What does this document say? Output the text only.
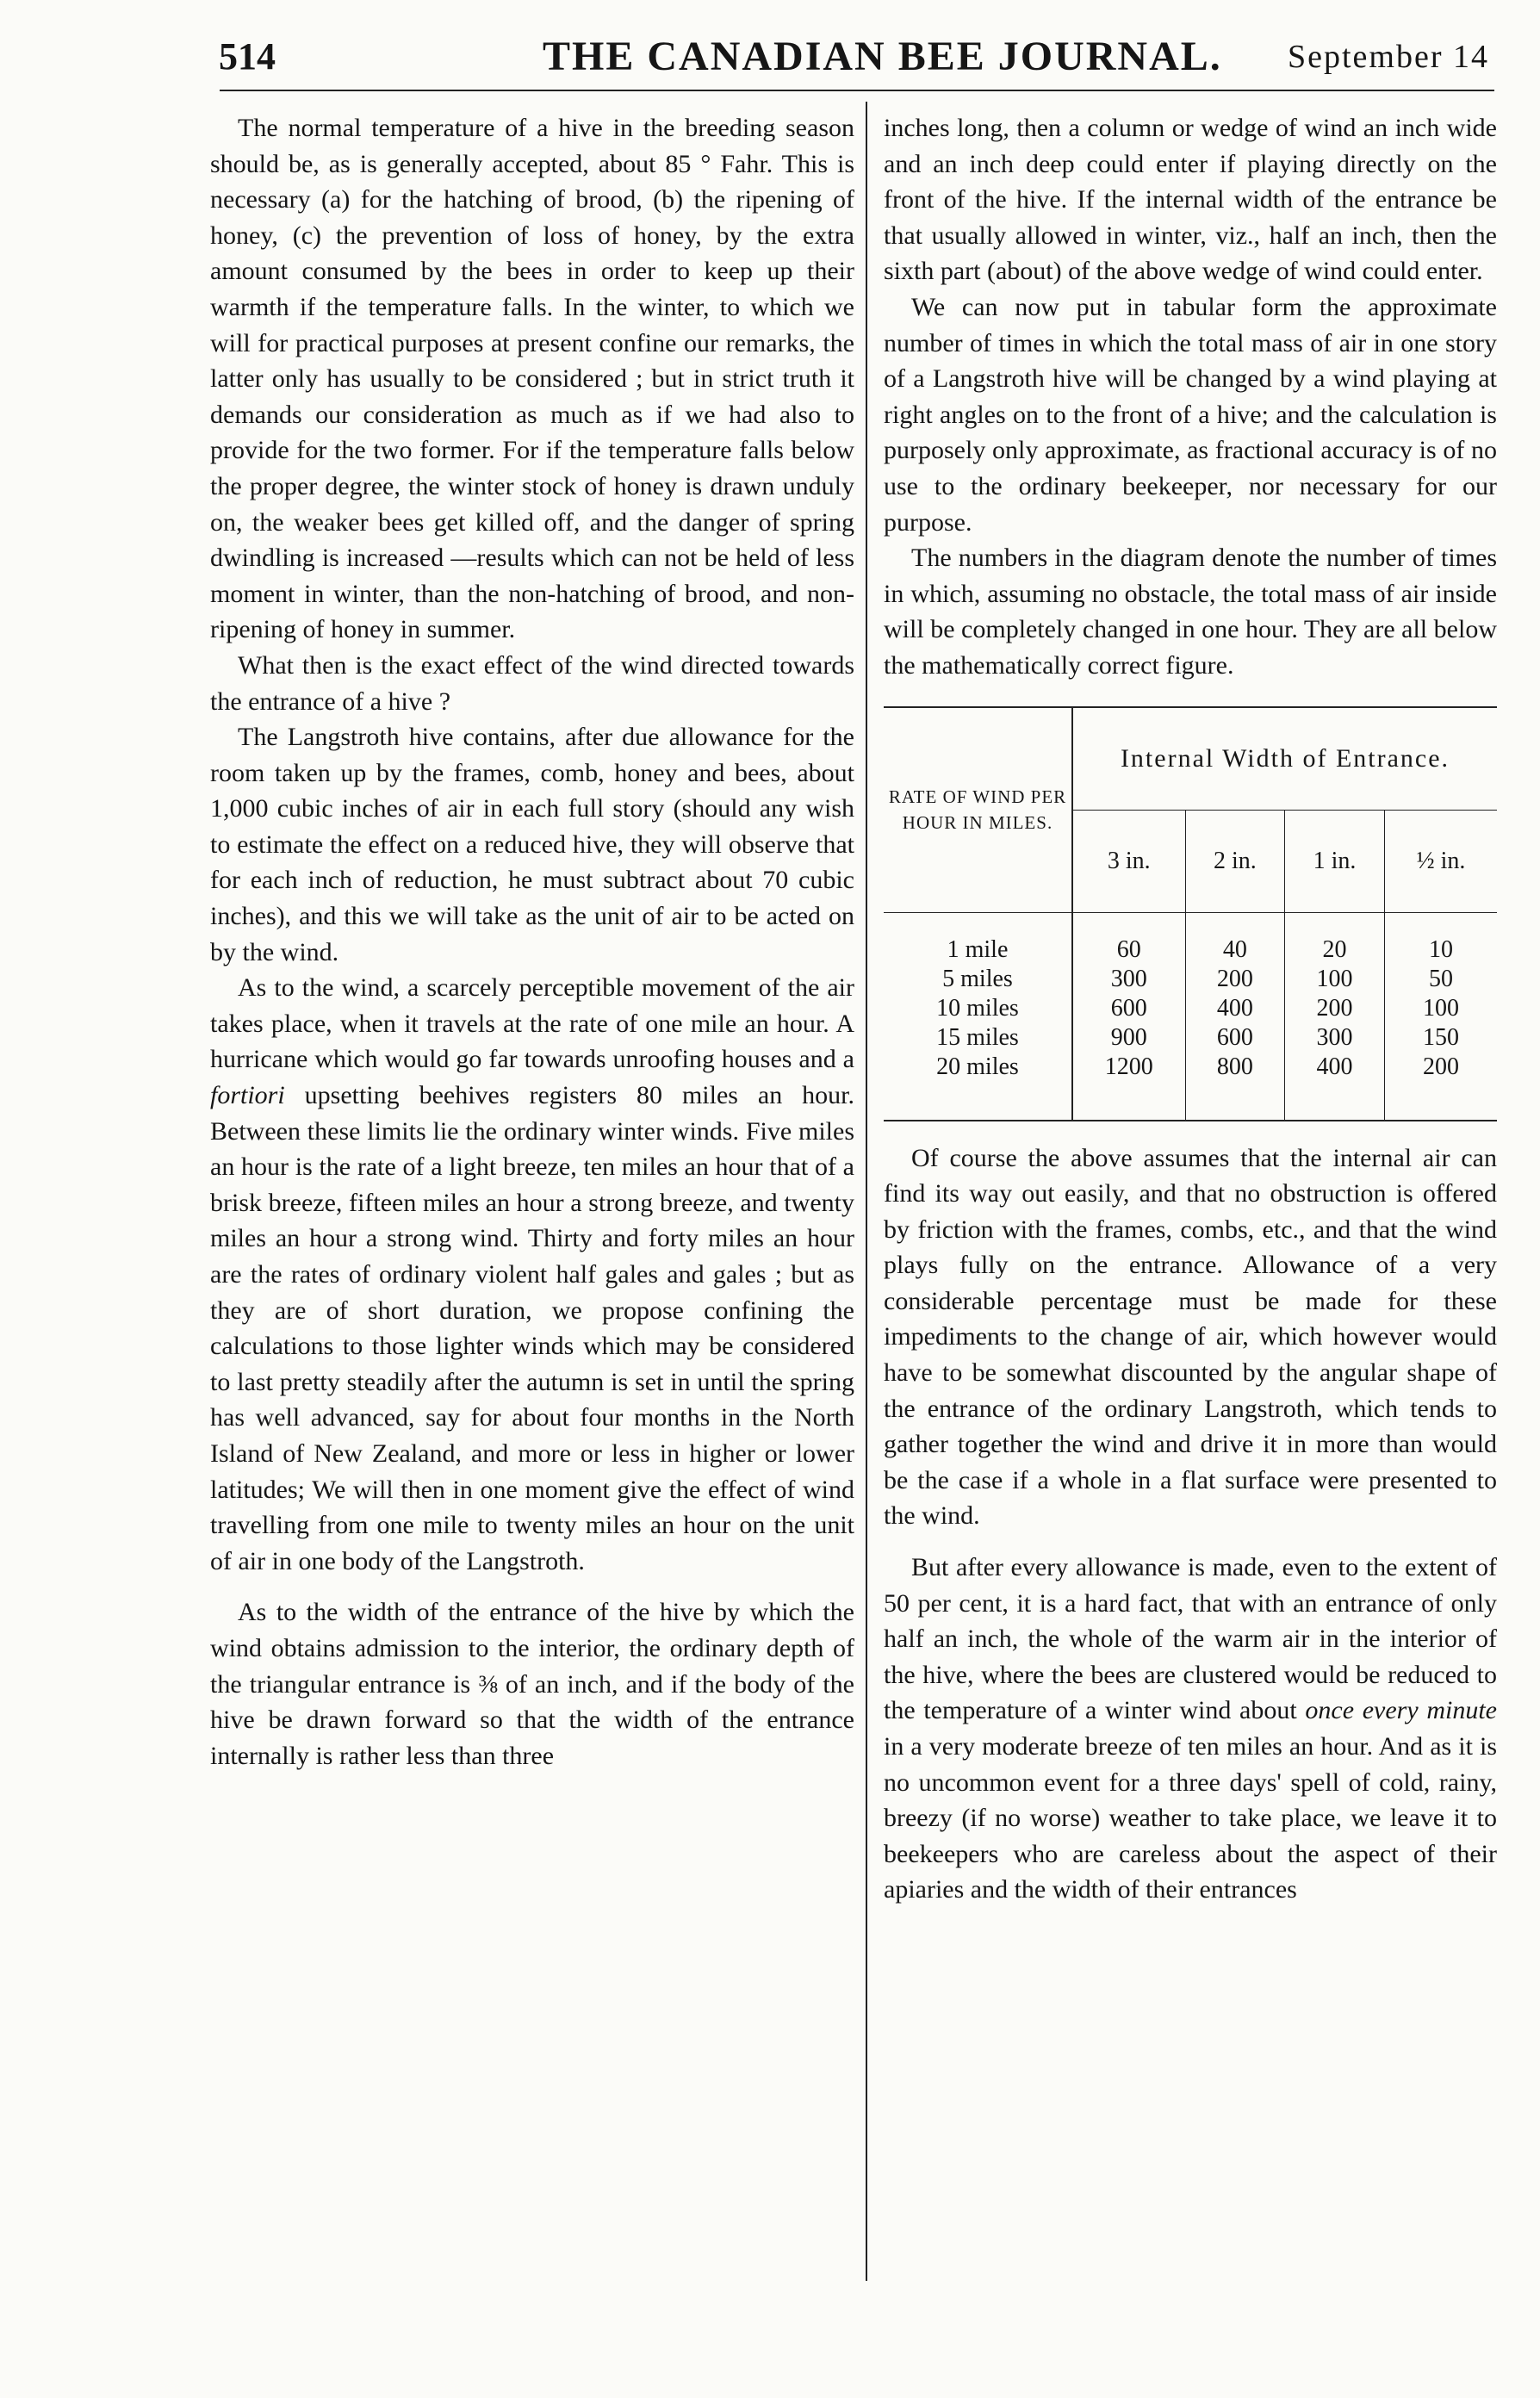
514	THE CANADIAN BEE JOURNAL. September 14

The normal temperature of a hive in the breeding season should be, as is generally accepted, about 85 ° Fahr. This is necessary (a) for the hatching of brood, (b) the ripening of honey, (c) the prevention of loss of honey, by the extra amount consumed by the bees in order to keep up their warmth if the temperature falls. In the winter, to which we will for practical purposes at present confine our remarks, the latter only has usually to be considered ; but in strict truth it demands our consideration as much as if we had also to provide for the two former. For if the temperature falls below the proper degree, the winter stock of honey is drawn unduly on, the weaker bees get killed off, and the danger of spring dwindling is increased —results which can not be held of less moment in winter, than the non-hatching of brood, and non-ripening of honey in summer.

What then is the exact effect of the wind directed towards the entrance of a hive ?

The Langstroth hive contains, after due allowance for the room taken up by the frames, comb, honey and bees, about 1,000 cubic inches of air in each full story (should any wish to estimate the effect on a reduced hive, they will observe that for each inch of reduction, he must subtract about 70 cubic inches), and this we will take as the unit of air to be acted on by the wind.

As to the wind, a scarcely perceptible movement of the air takes place, when it travels at the rate of one mile an hour. A hurricane which would go far towards unroofing houses and a fortiori upsetting beehives registers 80 miles an hour. Between these limits lie the ordinary winter winds. Five miles an hour is the rate of a light breeze, ten miles an hour that of a brisk breeze, fifteen miles an hour a strong breeze, and twenty miles an hour a strong wind. Thirty and forty miles an hour are the rates of ordinary violent half gales and gales ; but as they are of short duration, we propose confining the calculations to those lighter winds which may be considered to last pretty steadily after the autumn is set in until the spring has well advanced, say for about four months in the North Island of New Zealand, and more or less in higher or lower latitudes; We will then in one moment give the effect of wind travelling from one mile to twenty miles an hour on the unit of air in one body of the Langstroth.

As to the width of the entrance of the hive by which the wind obtains admission to the interior, the ordinary depth of the triangular entrance is ⅜ of an inch, and if the body of the hive be drawn forward so that the width of the entrance internally is rather less than three

inches long, then a column or wedge of wind an inch wide and an inch deep could enter if playing directly on the front of the hive. If the internal width of the entrance be that usually allowed in winter, viz., half an inch, then the sixth part (about) of the above wedge of wind could enter.

We can now put in tabular form the approximate number of times in which the total mass of air in one story of a Langstroth hive will be changed by a wind playing at right angles on to the front of a hive; and the calculation is purposely only approximate, as fractional accuracy is of no use to the ordinary beekeeper, nor necessary for our purpose.

The numbers in the diagram denote the number of times in which, assuming no obstacle, the total mass of air inside will be completely changed in one hour. They are all below the mathematically correct figure.

RATE OF WIND PER HOUR IN MILES.	Internal Width of Entrance.			
	3 in.	2 in.	1 in.	½ in.

1 mile	60	40	20	10
5 miles	300	200	100	50
10 miles	600	400	200	100
15 miles	900	600	300	150
20 miles	1200	800	400	200

Of course the above assumes that the internal air can find its way out easily, and that no obstruction is offered by friction with the frames, combs, etc., and that the wind plays fully on the entrance. Allowance of a very considerable percentage must be made for these impediments to the change of air, which however would have to be somewhat discounted by the angular shape of the entrance of the ordinary Langstroth, which tends to gather together the wind and drive it in more than would be the case if a whole in a flat surface were presented to the wind.

But after every allowance is made, even to the extent of 50 per cent, it is a hard fact, that with an entrance of only half an inch, the whole of the warm air in the interior of the hive, where the bees are clustered would be reduced to the temperature of a winter wind about once every minute in a very moderate breeze of ten miles an hour. And as it is no uncommon event for a three days' spell of cold, rainy, breezy (if no worse) weather to take place, we leave it to beekeepers who are careless about the aspect of their apiaries and the width of their entrances
